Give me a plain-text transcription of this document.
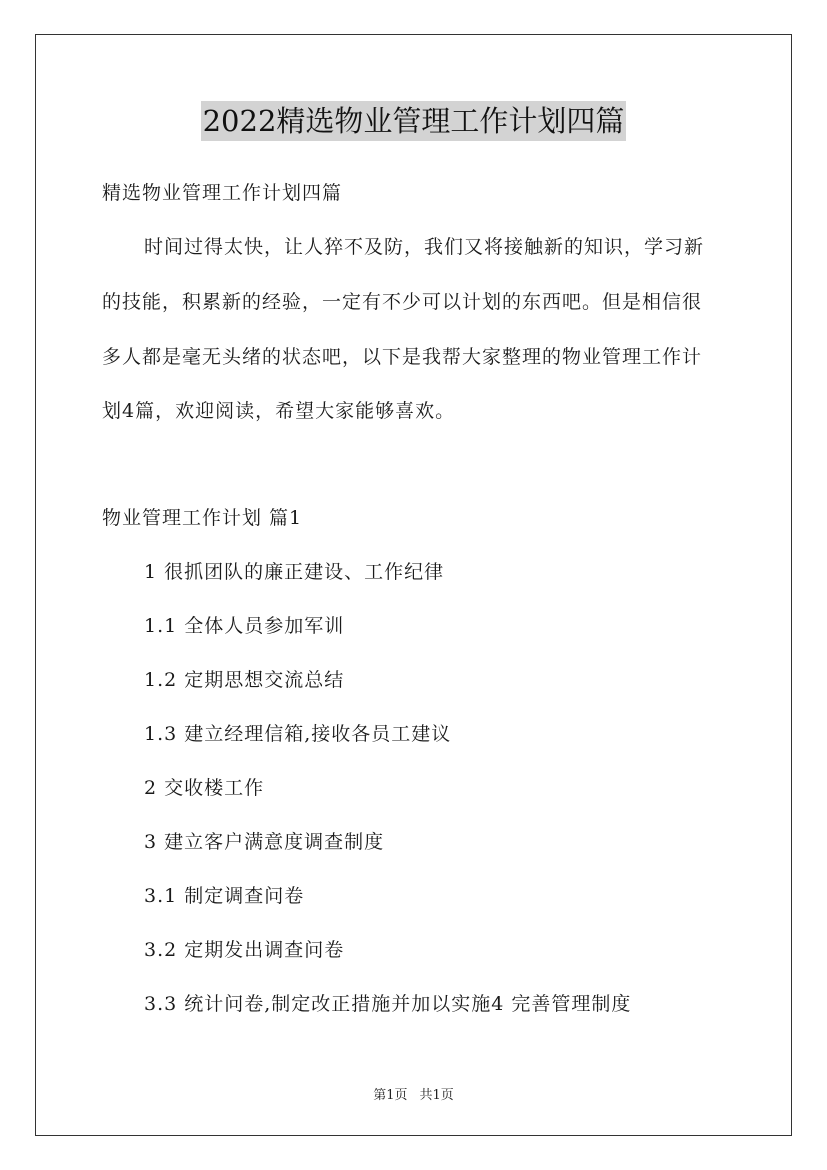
2022精选物业管理工作计划四篇
精选物业管理工作计划四篇
时间过得太快，让人猝不及防，我们又将接触新的知识，学习新
的技能，积累新的经验，一定有不少可以计划的东西吧。但是相信很
多人都是毫无头绪的状态吧，以下是我帮大家整理的物业管理工作计
划4篇，欢迎阅读，希望大家能够喜欢。
物业管理工作计划 篇1
1 很抓团队的廉正建设、工作纪律
1.1 全体人员参加军训
1.2 定期思想交流总结
1.3 建立经理信箱,接收各员工建议
2 交收楼工作
3 建立客户满意度调查制度
3.1 制定调查问卷
3.2 定期发出调查问卷
3.3 统计问卷,制定改正措施并加以实施4 完善管理制度
第1页 共1页
